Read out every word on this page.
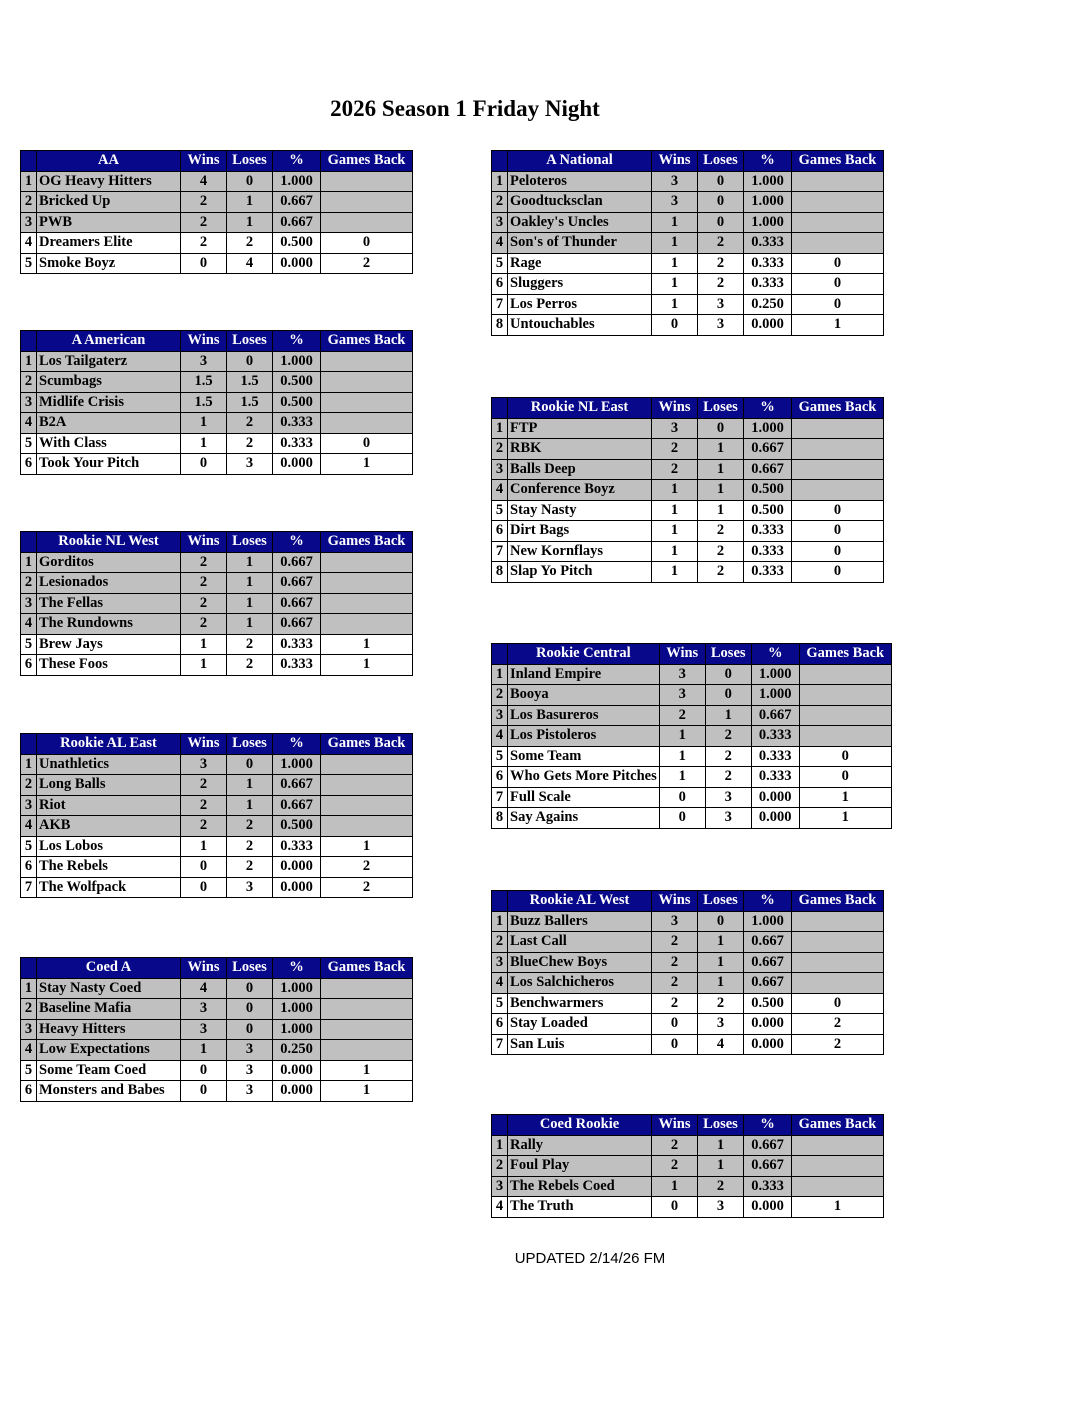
2026 Season 1 Friday Night
	AA	Wins	Loses	%	Games Back
1	OG Heavy Hitters	4	0	1.000	
2	Bricked Up	2	1	0.667	
3	PWB	2	1	0.667	
4	Dreamers Elite	2	2	0.500	0
5	Smoke Boyz	0	4	0.000	2
	A American	Wins	Loses	%	Games Back
1	Los Tailgaterz	3	0	1.000	
2	Scumbags	1.5	1.5	0.500	
3	Midlife Crisis	1.5	1.5	0.500	
4	B2A	1	2	0.333	
5	With Class	1	2	0.333	0
6	Took Your Pitch	0	3	0.000	1
	Rookie NL West	Wins	Loses	%	Games Back
1	Gorditos	2	1	0.667	
2	Lesionados	2	1	0.667	
3	The Fellas	2	1	0.667	
4	The Rundowns	2	1	0.667	
5	Brew Jays	1	2	0.333	1
6	These Foos	1	2	0.333	1
	Rookie AL East	Wins	Loses	%	Games Back
1	Unathletics	3	0	1.000	
2	Long Balls	2	1	0.667	
3	Riot	2	1	0.667	
4	AKB	2	2	0.500	
5	Los Lobos	1	2	0.333	1
6	The Rebels	0	2	0.000	2
7	The Wolfpack	0	3	0.000	2
	Coed A	Wins	Loses	%	Games Back
1	Stay Nasty Coed	4	0	1.000	
2	Baseline Mafia	3	0	1.000	
3	Heavy Hitters	3	0	1.000	
4	Low Expectations	1	3	0.250	
5	Some Team Coed	0	3	0.000	1
6	Monsters and Babes	0	3	0.000	1
	A National	Wins	Loses	%	Games Back
1	Peloteros	3	0	1.000	
2	Goodtucksclan	3	0	1.000	
3	Oakley's Uncles	1	0	1.000	
4	Son's of Thunder	1	2	0.333	
5	Rage	1	2	0.333	0
6	Sluggers	1	2	0.333	0
7	Los Perros	1	3	0.250	0
8	Untouchables	0	3	0.000	1
	Rookie NL East	Wins	Loses	%	Games Back
1	FTP	3	0	1.000	
2	RBK	2	1	0.667	
3	Balls Deep	2	1	0.667	
4	Conference Boyz	1	1	0.500	
5	Stay Nasty	1	1	0.500	0
6	Dirt Bags	1	2	0.333	0
7	New Kornflays	1	2	0.333	0
8	Slap Yo Pitch	1	2	0.333	0
	Rookie Central	Wins	Loses	%	Games Back
1	Inland Empire	3	0	1.000	
2	Booya	3	0	1.000	
3	Los Basureros	2	1	0.667	
4	Los Pistoleros	1	2	0.333	
5	Some Team	1	2	0.333	0
6	Who Gets More Pitches	1	2	0.333	0
7	Full Scale	0	3	0.000	1
8	Say Agains	0	3	0.000	1
	Rookie AL West	Wins	Loses	%	Games Back
1	Buzz Ballers	3	0	1.000	
2	Last Call	2	1	0.667	
3	BlueChew Boys	2	1	0.667	
4	Los Salchicheros	2	1	0.667	
5	Benchwarmers	2	2	0.500	0
6	Stay Loaded	0	3	0.000	2
7	San Luis	0	4	0.000	2
	Coed Rookie	Wins	Loses	%	Games Back
1	Rally	2	1	0.667	
2	Foul Play	2	1	0.667	
3	The Rebels Coed	1	2	0.333	
4	The Truth	0	3	0.000	1
UPDATED 2/14/26 FM
